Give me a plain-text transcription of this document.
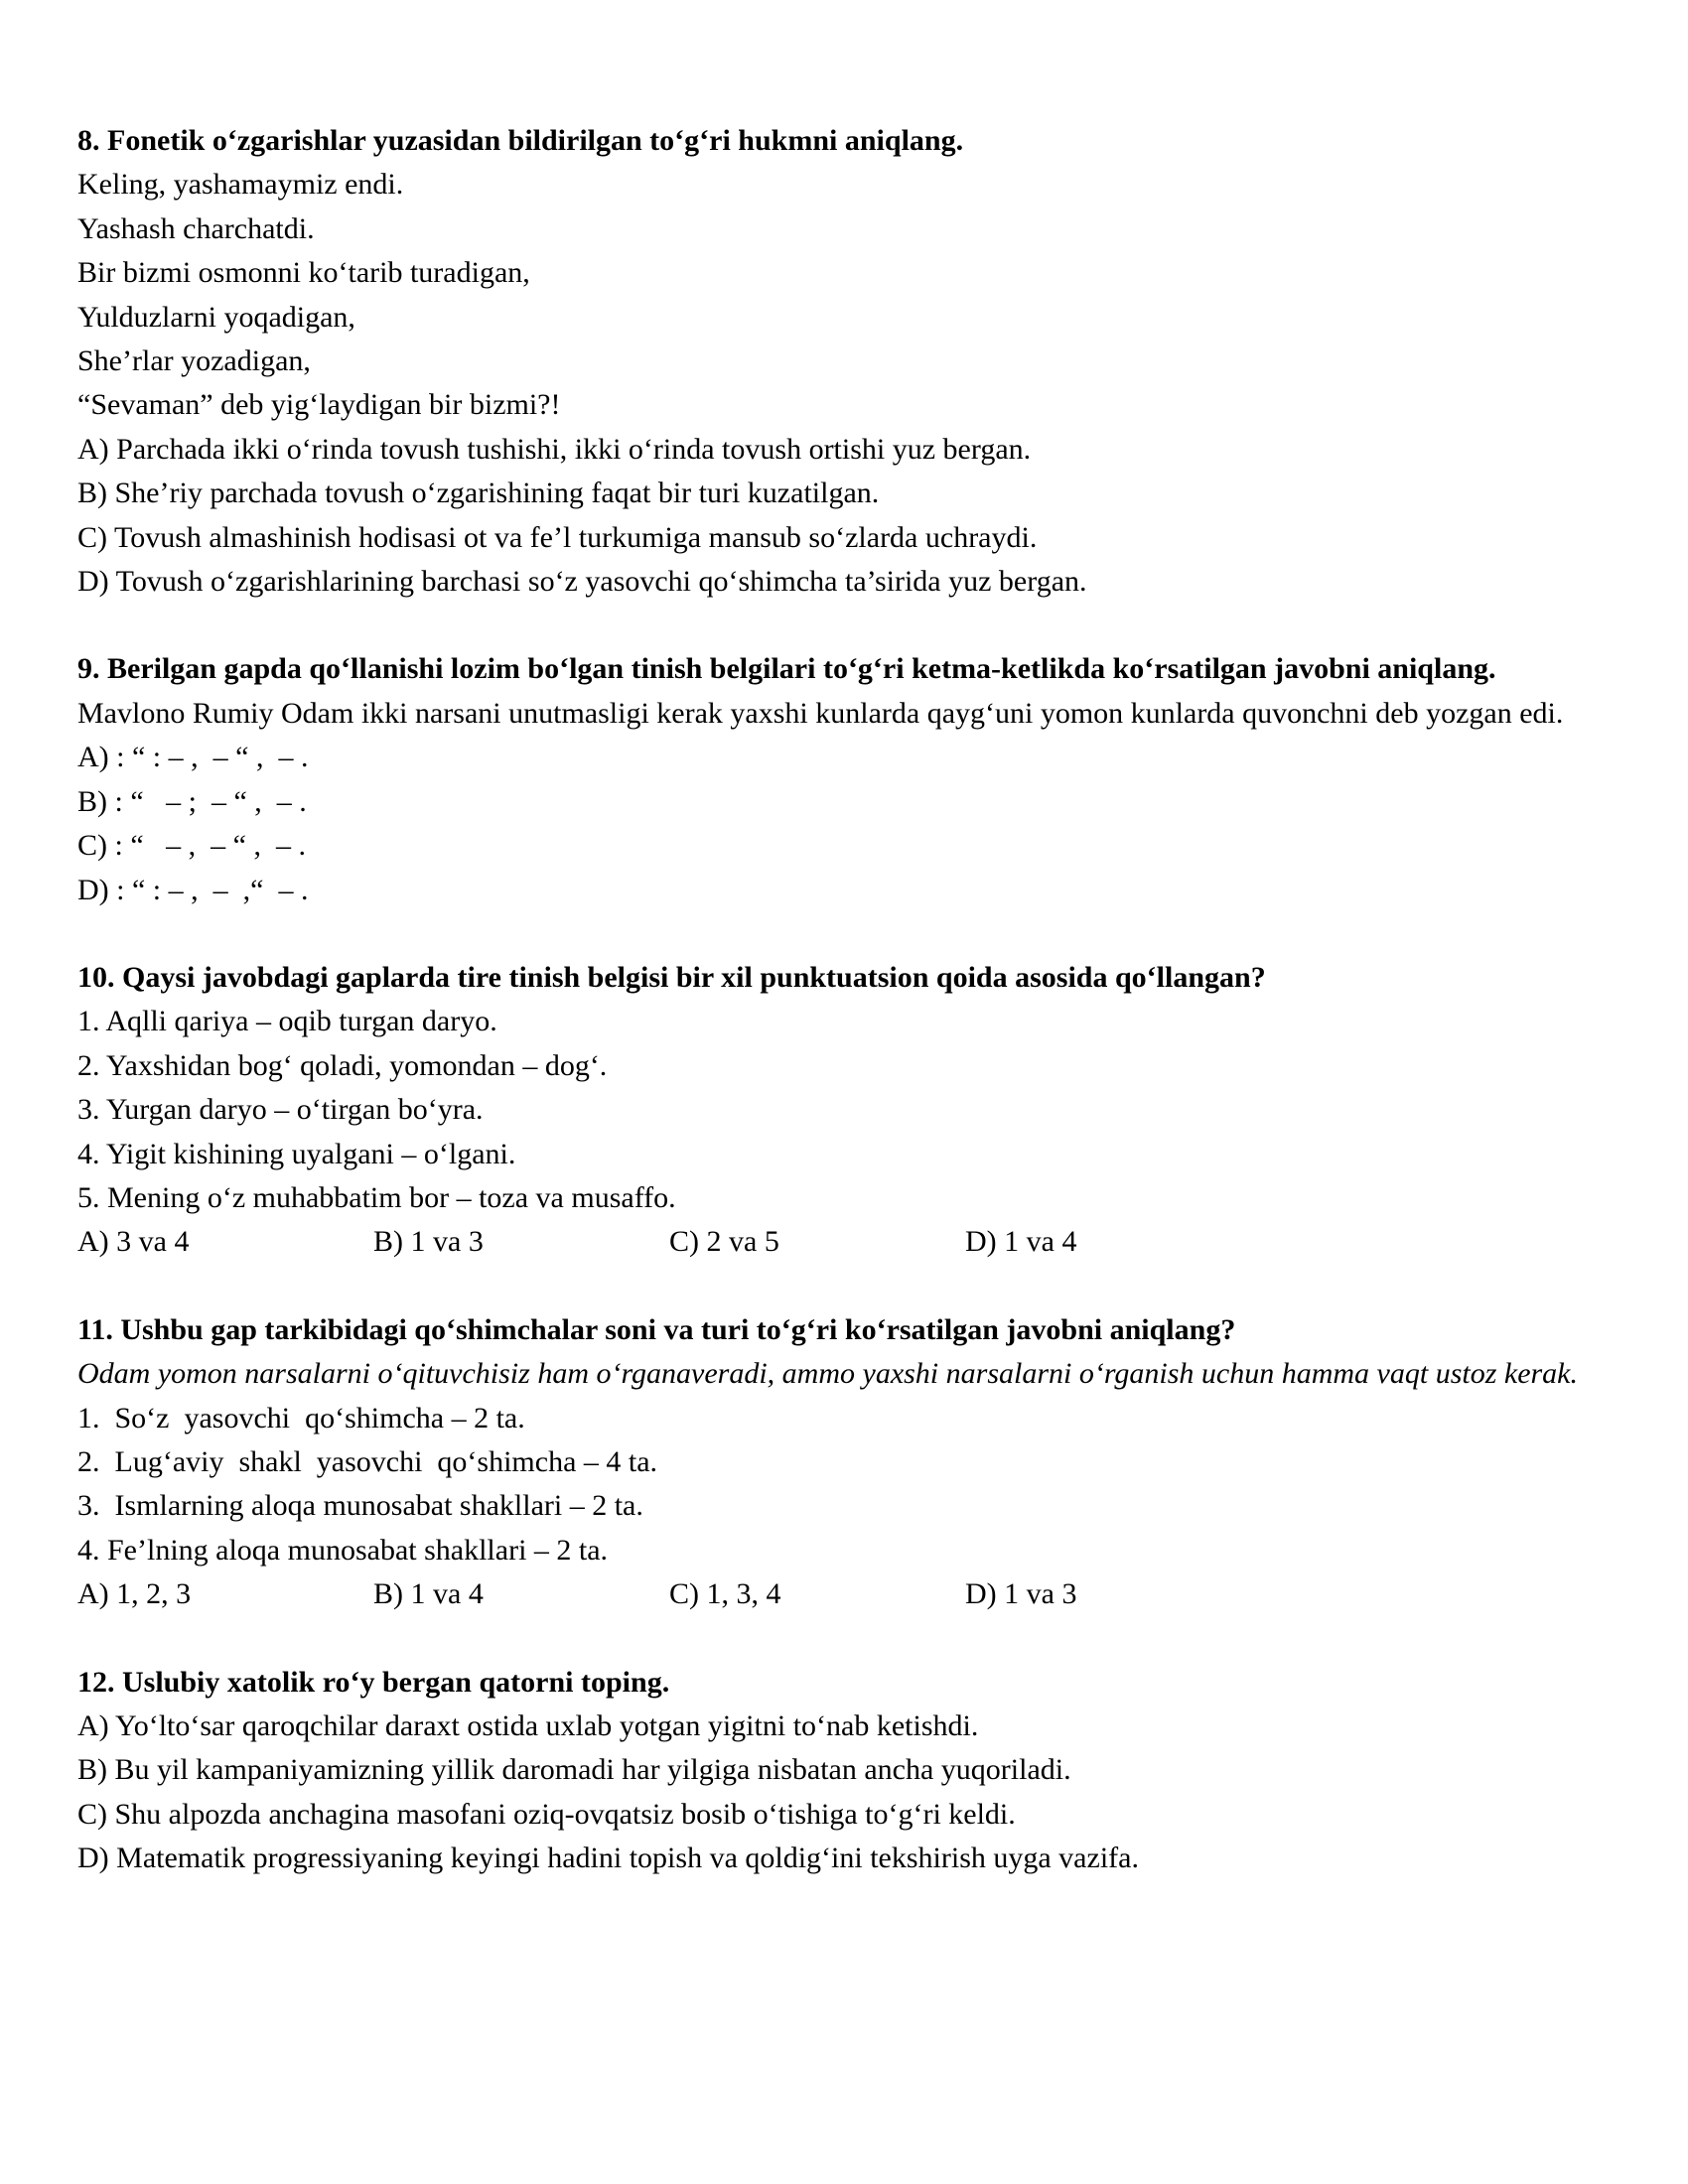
8. Fonetik o‘zgarishlar yuzasidan bildirilgan to‘g‘ri hukmni aniqlang.

Keling, yashamaymiz endi.

Yashash charchatdi.

Bir bizmi osmonni ko‘tarib turadigan,

Yulduzlarni yoqadigan,

She’rlar yozadigan,

“Sevaman” deb yig‘laydigan bir bizmi?!

A) Parchada ikki o‘rinda tovush tushishi, ikki o‘rinda tovush ortishi yuz bergan.

B) She’riy parchada tovush o‘zgarishining faqat bir turi kuzatilgan.

C) Tovush almashinish hodisasi ot va fe’l turkumiga mansub so‘zlarda uchraydi.

D) Tovush o‘zgarishlarining barchasi so‘z yasovchi qo‘shimcha ta’sirida yuz bergan.

9. Berilgan gapda qo‘llanishi lozim bo‘lgan tinish belgilari to‘g‘ri ketma-ketlikda ko‘rsatilgan javobni aniqlang.

Mavlono Rumiy Odam ikki narsani unutmasligi kerak yaxshi kunlarda qayg‘uni yomon kunlarda quvonchni deb yozgan edi.

A) : “ : – ,  – “ ,  – .

B) : “   – ;  – “ ,  – .

C) : “   – ,  – “ ,  – .

D) : “ : – ,  –  ,“  – .

10. Qaysi javobdagi gaplarda tire tinish belgisi bir xil punktuatsion qoida asosida qo‘llangan?

1. Aqlli qariya – oqib turgan daryo.

2. Yaxshidan bog‘ qoladi, yomondan – dog‘.

3. Yurgan daryo – o‘tirgan bo‘yra.

4. Yigit kishining uyalgani – o‘lgani.

5. Mening o‘z muhabbatim bor – toza va musaffo.

A) 3 va 4	B) 1 va 3	C) 2 va 5	D) 1 va 4

11. Ushbu gap tarkibidagi qo‘shimchalar soni va turi to‘g‘ri ko‘rsatilgan javobni aniqlang?

Odam yomon narsalarni o‘qituvchisiz ham o‘rganaveradi, ammo yaxshi narsalarni o‘rganish uchun hamma vaqt ustoz kerak.

1.  So‘z  yasovchi  qo‘shimcha – 2 ta.

2.  Lug‘aviy  shakl  yasovchi  qo‘shimcha – 4 ta.

3.  Ismlarning aloqa munosabat shakllari – 2 ta.

4. Fe’lning aloqa munosabat shakllari – 2 ta.

A) 1, 2, 3	B) 1 va 4	C) 1, 3, 4	D) 1 va 3

12. Uslubiy xatolik ro‘y bergan qatorni toping.

A) Yo‘lto‘sar qaroqchilar daraxt ostida uxlab yotgan yigitni to‘nab ketishdi.

B) Bu yil kampaniyamizning yillik daromadi har yilgiga nisbatan ancha yuqoriladi.

C) Shu alpozda anchagina masofani oziq-ovqatsiz bosib o‘tishiga to‘g‘ri keldi.

D) Matematik progressiyaning keyingi hadini topish va qoldig‘ini tekshirish uyga vazifa.
